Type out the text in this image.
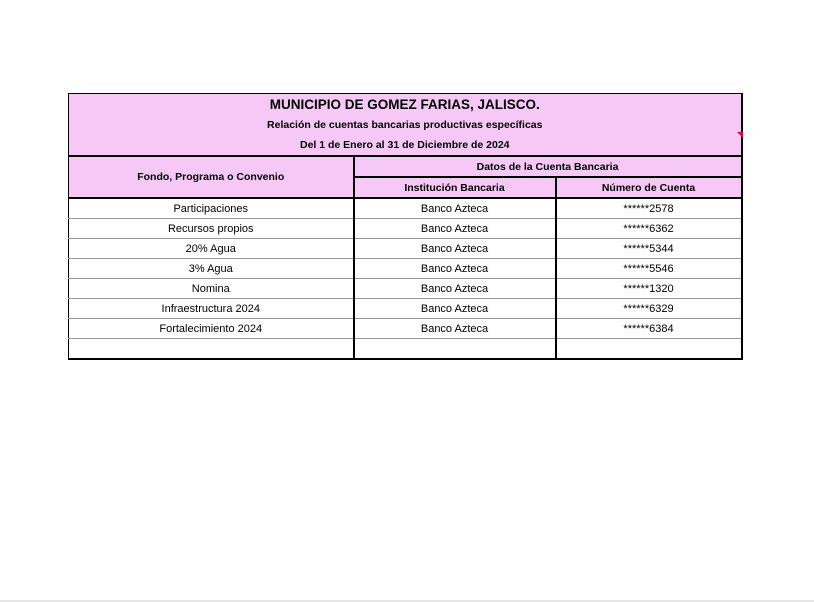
MUNICIPIO DE GOMEZ FARIAS, JALISCO.
Relación de cuentas bancarias productivas específicas
Del 1 de Enero al 31 de Diciembre de 2024		

Fondo, Programa o Convenio	Datos de la Cuenta Bancaria	
	Institución Bancaria	Número de Cuenta
Participaciones	Banco Azteca	******2578
Recursos propios	Banco Azteca	******6362
20% Agua	Banco Azteca	******5344
3% Agua	Banco Azteca	******5546
Nomina	Banco Azteca	******1320
Infraestructura 2024	Banco Azteca	******6329
Fortalecimiento 2024	Banco Azteca	******6384
